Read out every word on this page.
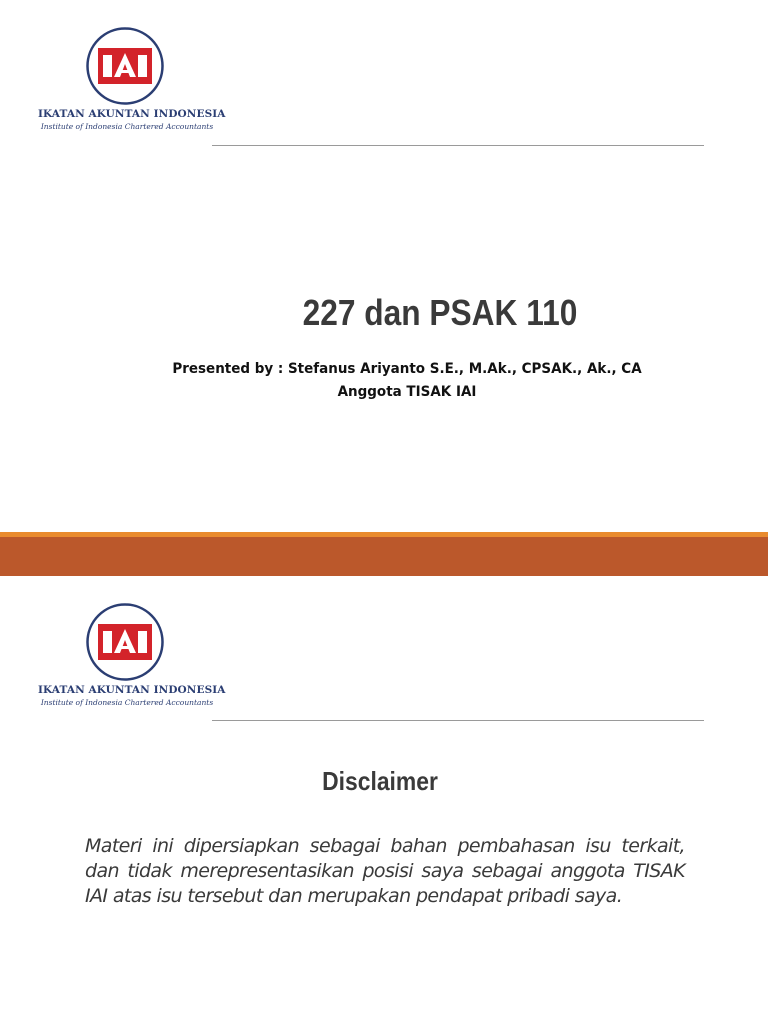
IKATAN AKUNTAN INDONESIA
Institute of Indonesia Chartered Accountants
227 dan PSAK 110
Presented by : Stefanus Ariyanto S.E., M.Ak., CPSAK., Ak., CA
Anggota TISAK IAI
IKATAN AKUNTAN INDONESIA
Institute of Indonesia Chartered Accountants
Disclaimer
Materi ini dipersiapkan sebagai bahan pembahasan isu terkait, dan tidak merepresentasikan posisi saya sebagai anggota TISAK IAI atas isu tersebut dan merupakan pendapat pribadi saya.
